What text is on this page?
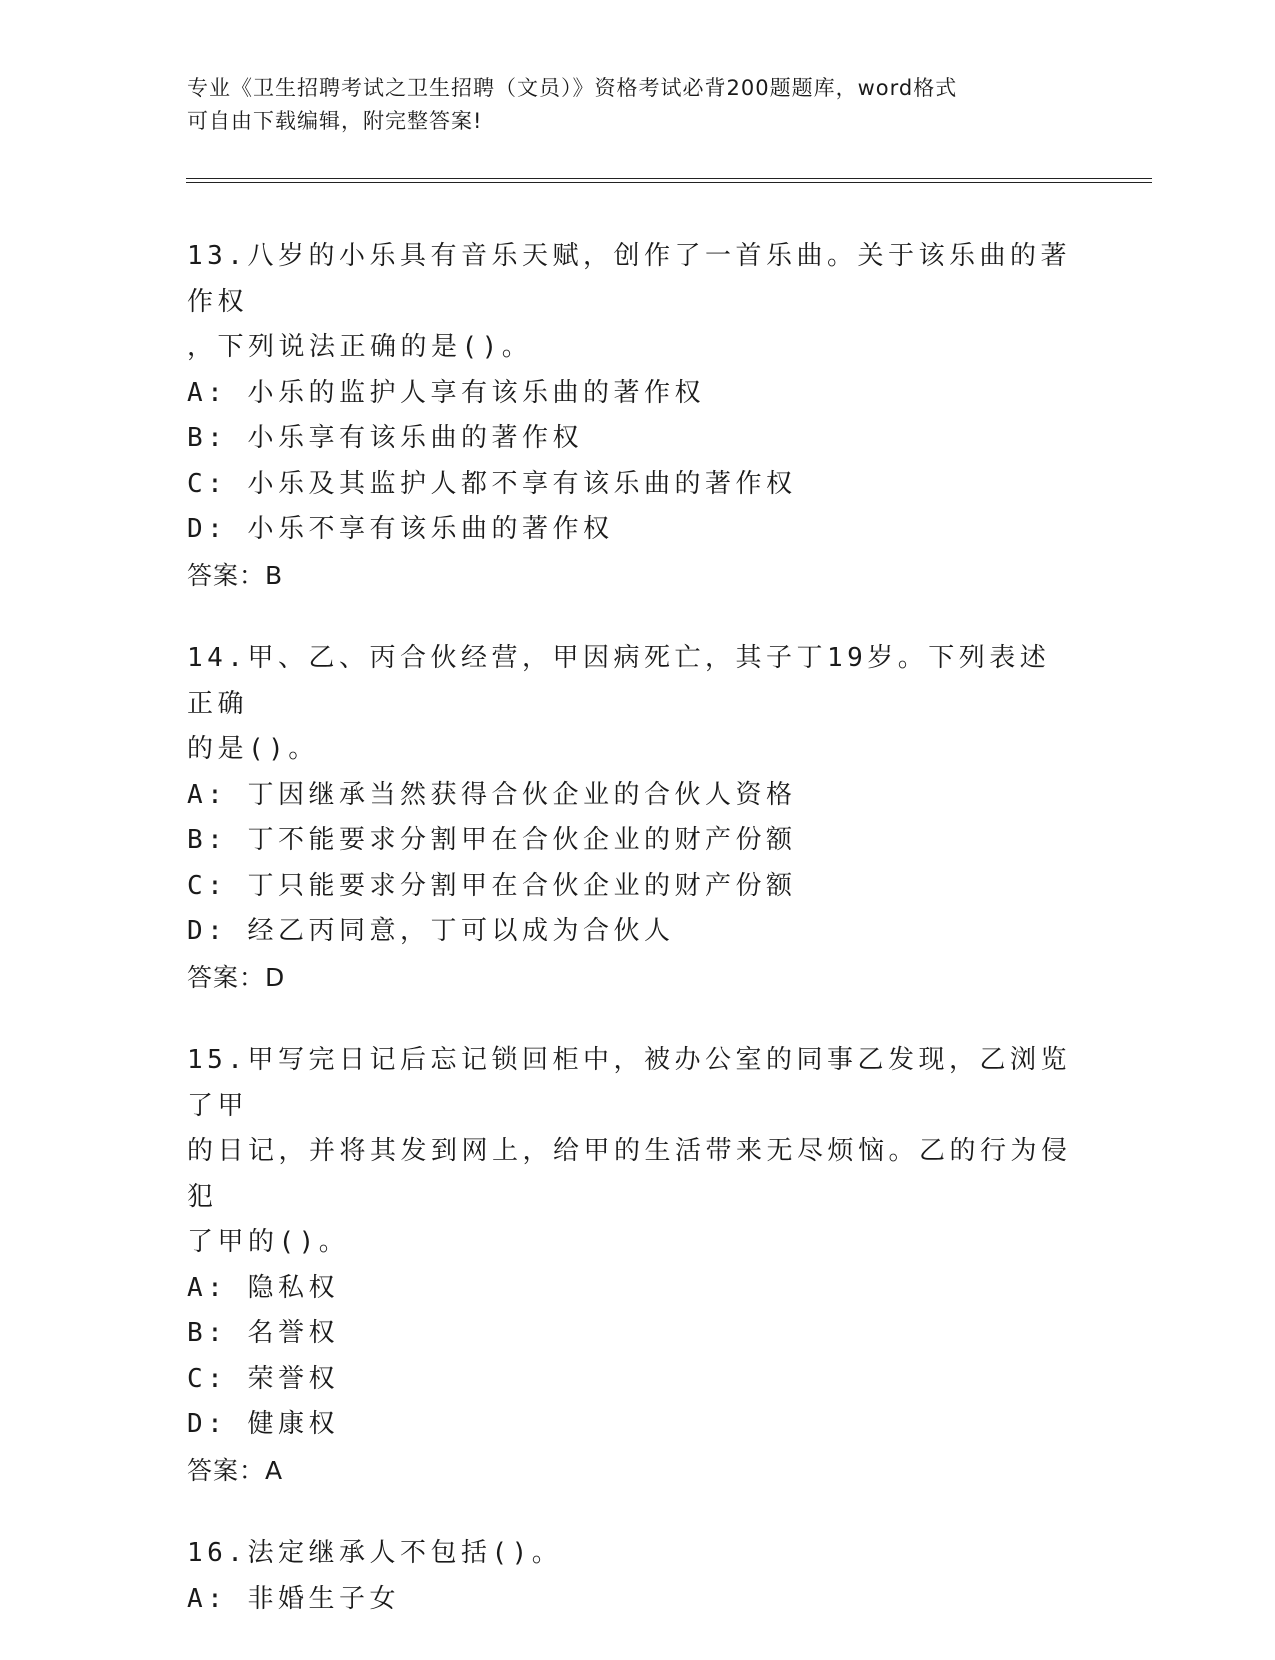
专业《卫生招聘考试之卫生招聘（文员）》资格考试必背200题题库，word格式
可自由下载编辑，附完整答案!
13.八岁的小乐具有音乐天赋，创作了一首乐曲。关于该乐曲的著作权
，下列说法正确的是()。
A: 小乐的监护人享有该乐曲的著作权
B: 小乐享有该乐曲的著作权
C: 小乐及其监护人都不享有该乐曲的著作权
D: 小乐不享有该乐曲的著作权
答案：B
14.甲、乙、丙合伙经营，甲因病死亡，其子丁19岁。下列表述正确
的是()。
A: 丁因继承当然获得合伙企业的合伙人资格
B: 丁不能要求分割甲在合伙企业的财产份额
C: 丁只能要求分割甲在合伙企业的财产份额
D: 经乙丙同意，丁可以成为合伙人
答案：D
15.甲写完日记后忘记锁回柜中，被办公室的同事乙发现，乙浏览了甲
的日记，并将其发到网上，给甲的生活带来无尽烦恼。乙的行为侵犯
了甲的()。
A: 隐私权
B: 名誉权
C: 荣誉权
D: 健康权
答案：A
16.法定继承人不包括()。
A: 非婚生子女
